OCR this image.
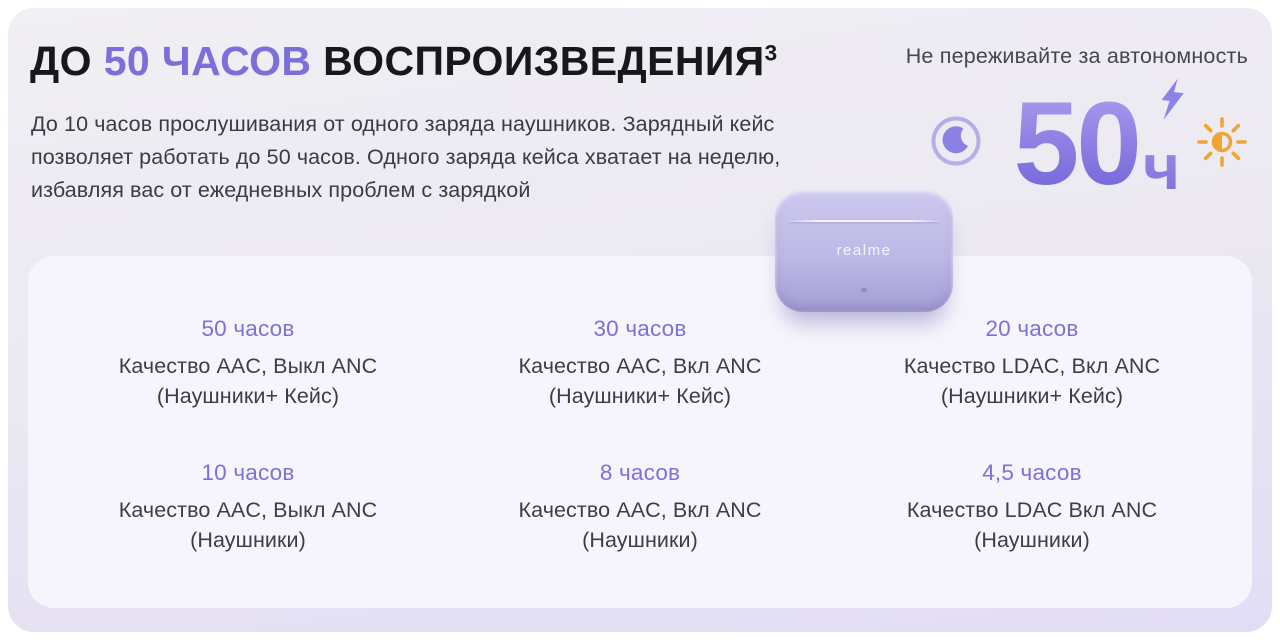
ДО 50 ЧАСОВ ВОСПРОИЗВЕДЕНИЯ$^3$

До 10 часов прослушивания от одного заряда наушников. Зарядный кейс позволяет работать до 50 часов. Одного заряда кейса хватает на неделю, избавляя вас от ежедневных проблем с зарядкой

Не переживайте за автономность
50 ч
realme
50 часов
Качество AAC, Выкл ANC
(Наушники+ Кейс)
30 часов
Качество AAC, Вкл ANC
(Наушники+ Кейс)
20 часов
Качество LDAC, Вкл ANC
(Наушники+ Кейс)
10 часов
Качество AAC, Выкл ANC
(Наушники)
8 часов
Качество AAC, Вкл ANC
(Наушники)
4,5 часов
Качество LDAC Вкл ANC
(Наушники)
